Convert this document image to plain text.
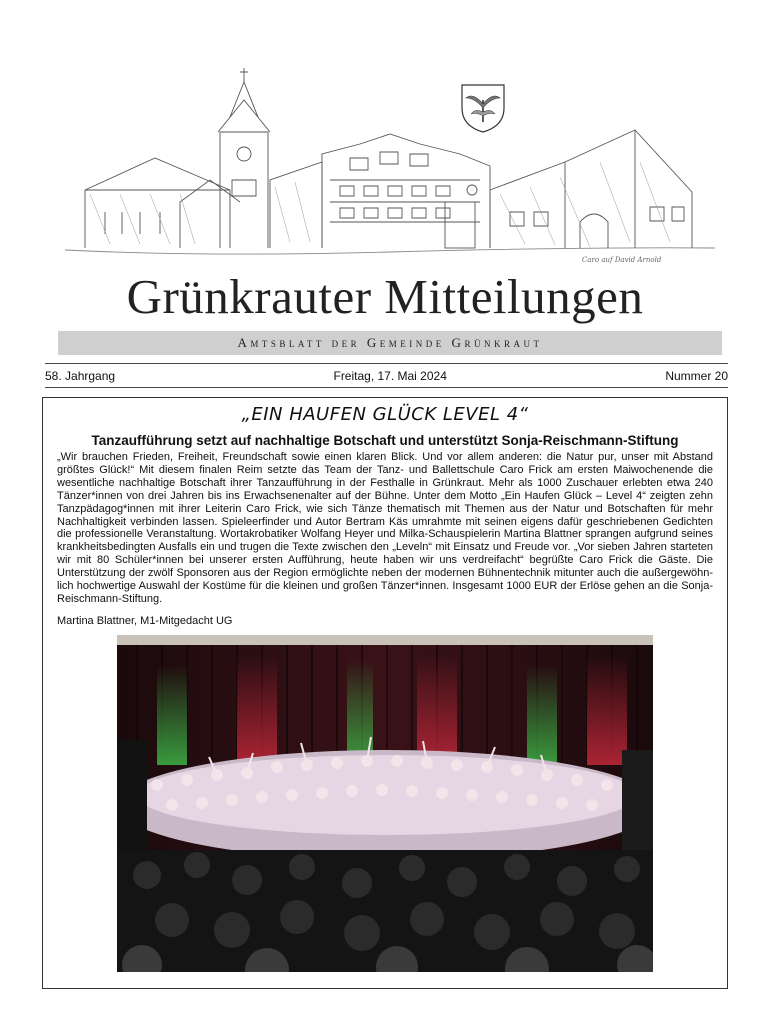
Caro auf David Arnold
Grünkrauter Mitteilungen
Amtsblatt der Gemeinde Grünkraut
58. Jahrgang	Freitag, 17. Mai 2024	Nummer 20
„EIN HAUFEN GLÜCK LEVEL 4“
Tanzaufführung setzt auf nachhaltige Botschaft und unterstützt Sonja-Reischmann-Stiftung

„Wir brauchen Frieden, Freiheit, Freundschaft sowie einen klaren Blick. Und vor allem anderen: die Natur pur, unser mit Abstand größtes Glück!“ Mit diesem finalen Reim setzte das Team der Tanz- und Ballettschule Caro Frick am ersten Maiwochenende die wesentliche nachhaltige Botschaft ihrer Tanzaufführung in der Festhalle in Grünkraut. Mehr als 1000 Zuschauer erlebten etwa 240 Tänzer*innen von drei Jahren bis ins Erwachsenenalter auf der Bühne. Unter dem Motto „Ein Haufen Glück – Level 4“ zeigten zehn Tanzpädagog*innen mit ihrer Leiterin Caro Frick, wie sich Tänze thematisch mit Themen aus der Natur und Botschaften für mehr Nachhaltigkeit verbinden lassen. Spieleerfinder und Autor Bertram Käs umrahmte mit seinen eigens dafür geschriebenen Gedichten die professionelle Veranstaltung. Wortakrobatiker Wolfang Heyer und Milka-Schauspielerin Martina Blattner sprangen aufgrund seines krankheitsbedingten Ausfalls ein und trugen die Texte zwischen den „Leveln“ mit Einsatz und Freude vor. „Vor sieben Jahren starteten wir mit 80 Schüler*innen bei unserer ersten Aufführung, heute haben wir uns verdreifacht“ begrüßte Caro Frick die Gäste. Die Unterstützung der zwölf Sponsoren aus der Region ermöglichte neben der modernen Bühnentechnik mitunter auch die außergewöhnlich hochwertige Auswahl der Kostüme für die kleinen und großen Tänzer*innen. Insgesamt 1000 EUR der Erlöse gehen an die Sonja-Reischmann-Stiftung.

Martina Blattner, M1-Mitgedacht UG
